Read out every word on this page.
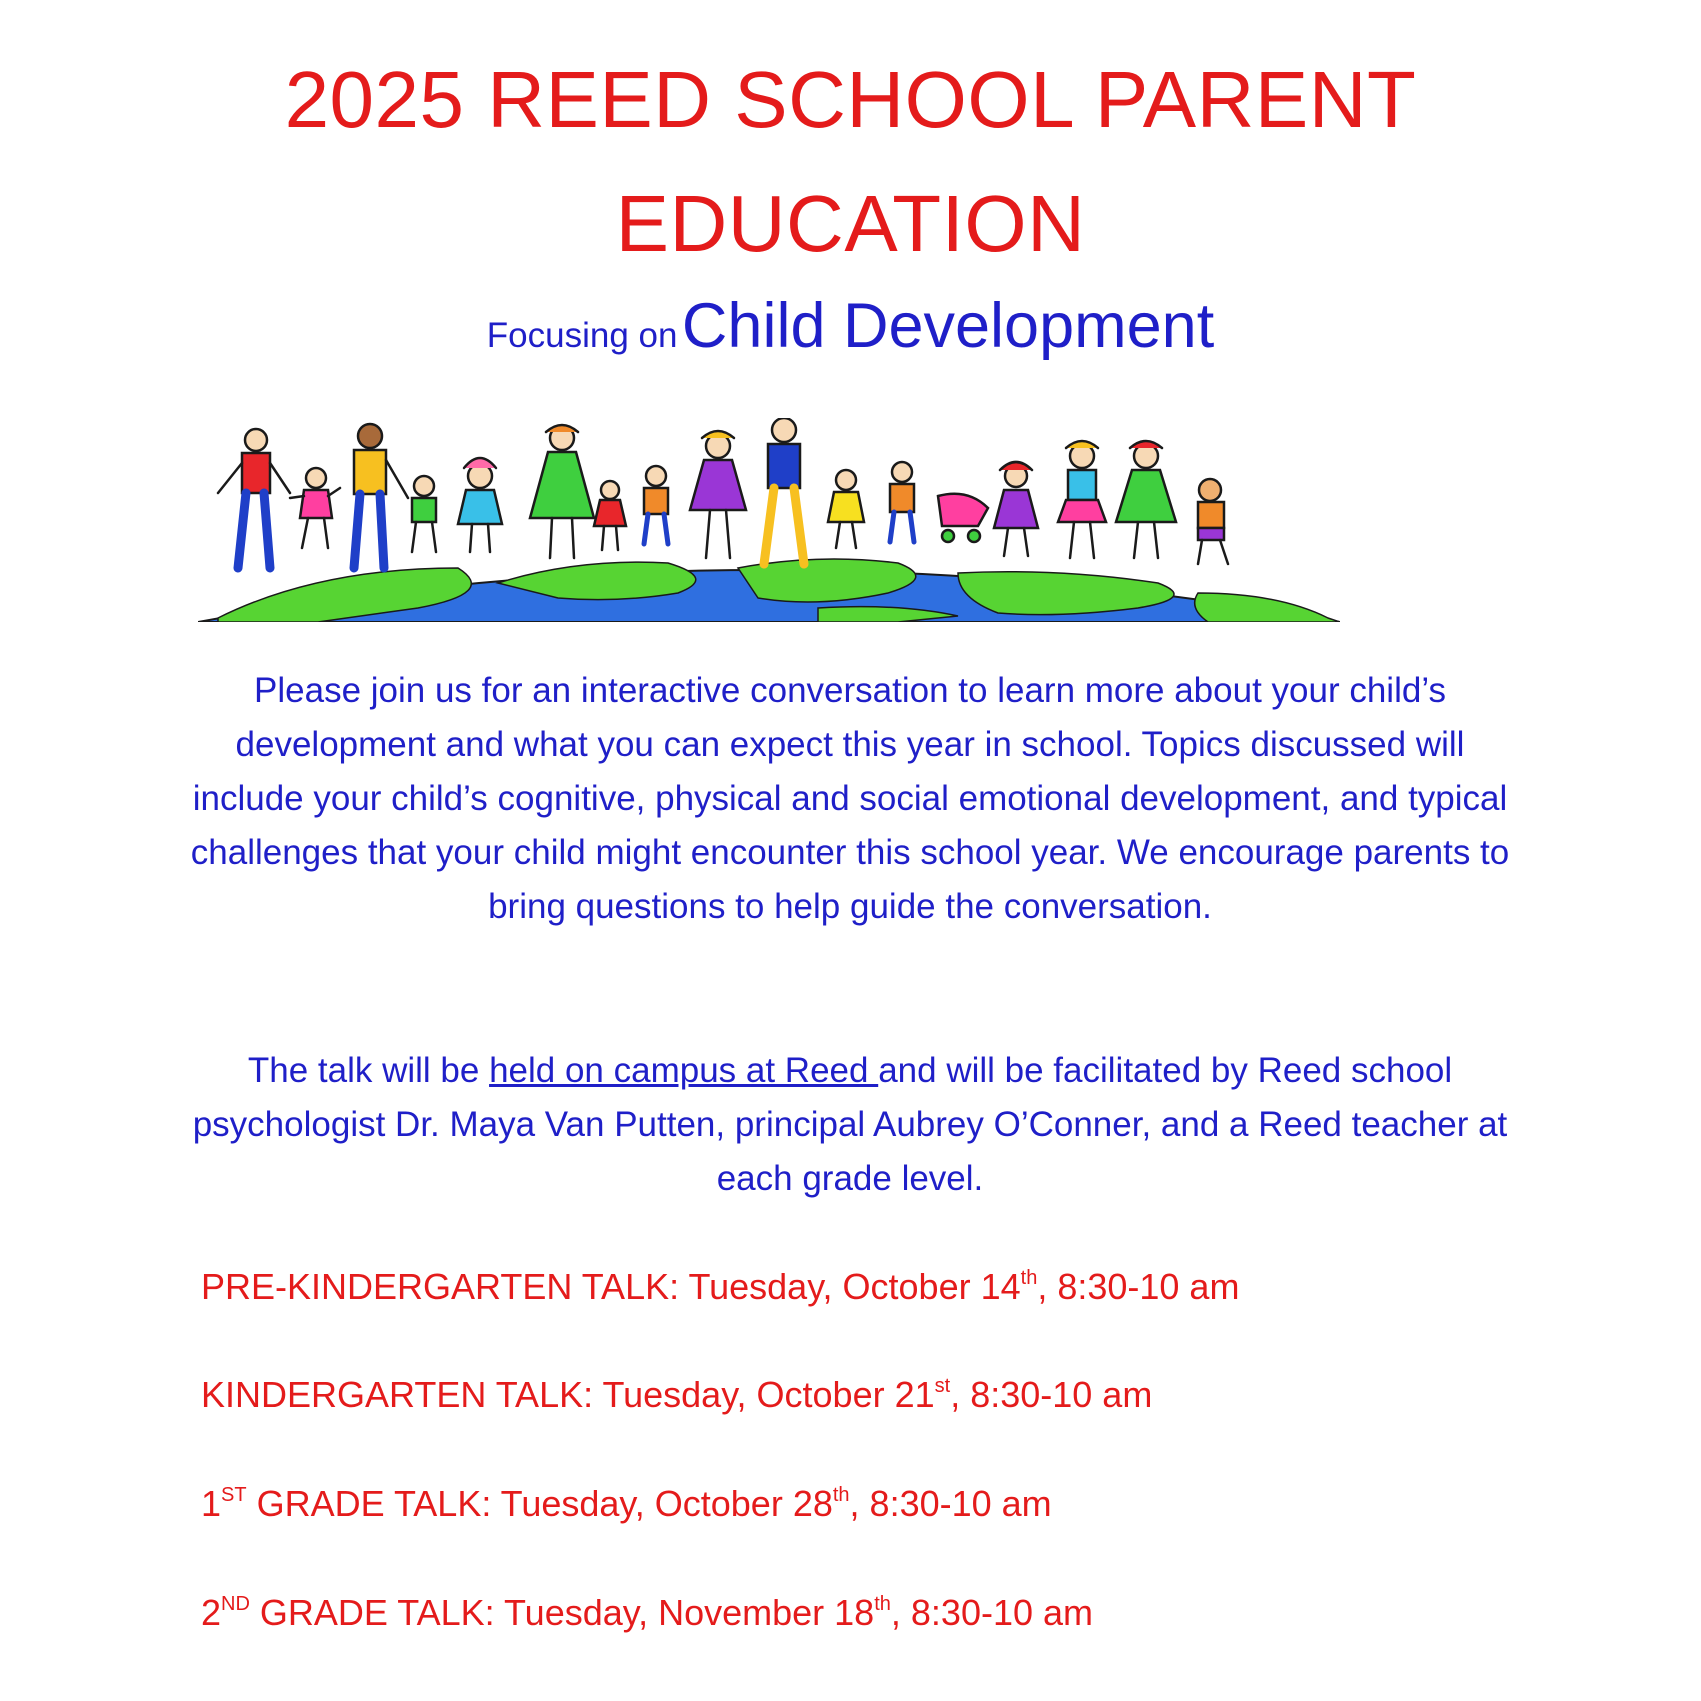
2025 REED SCHOOL PARENT
EDUCATION
Focusing on Child Development

Please join us for an interactive conversation to learn more about your child’s development and what you can expect this year in school. Topics discussed will include your child’s cognitive, physical and social emotional development, and typical challenges that your child might encounter this school year. We encourage parents to bring questions to help guide the conversation.

The talk will be held on campus at Reed and will be facilitated by Reed school psychologist Dr. Maya Van Putten, principal Aubrey O’Conner, and a Reed teacher at each grade level.

PRE-KINDERGARTEN TALK: Tuesday, October 14th, 8:30-10 am

KINDERGARTEN TALK: Tuesday, October 21st, 8:30-10 am

1ST GRADE TALK: Tuesday, October 28th, 8:30-10 am

2ND GRADE TALK: Tuesday, November 18th, 8:30-10 am
